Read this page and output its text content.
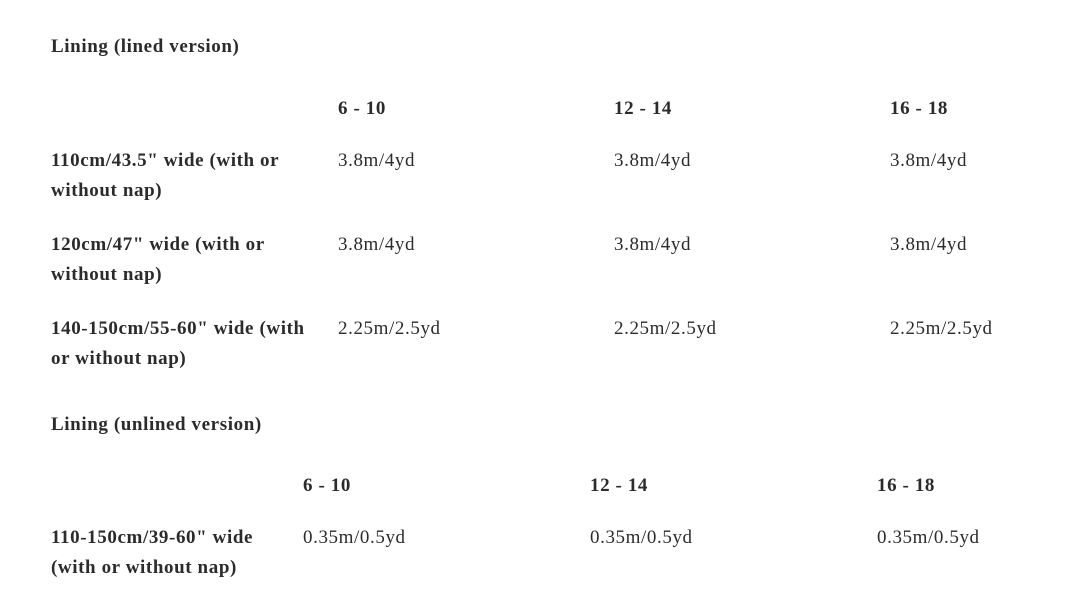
Lining (lined version)
	6 - 10	12 - 14	16 - 18
110cm/43.5" wide (with or without nap)	3.8m/4yd	3.8m/4yd	3.8m/4yd
120cm/47" wide (with or without nap)	3.8m/4yd	3.8m/4yd	3.8m/4yd
140-150cm/55-60" wide (with or without nap)	2.25m/2.5yd	2.25m/2.5yd	2.25m/2.5yd
Lining (unlined version)
	6 - 10	12 - 14	16 - 18
110-150cm/39-60" wide (with or without nap)	0.35m/0.5yd	0.35m/0.5yd	0.35m/0.5yd
